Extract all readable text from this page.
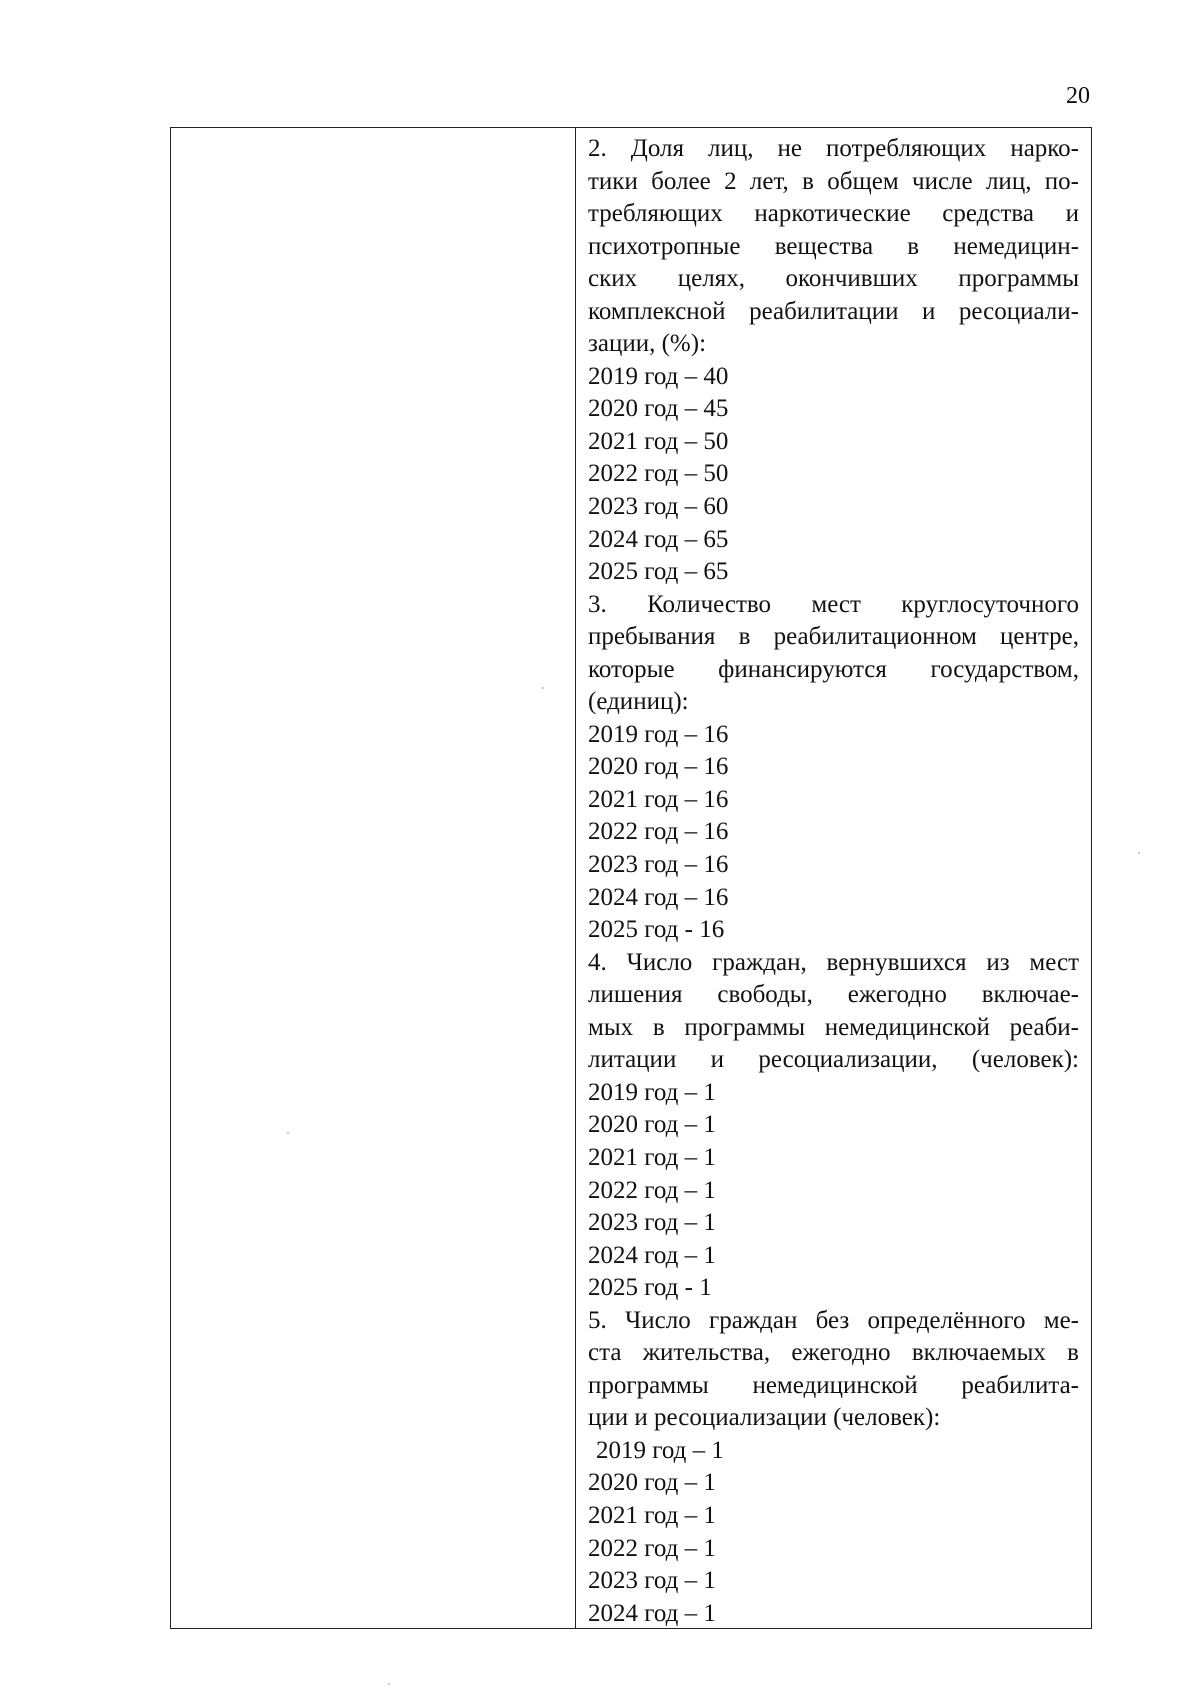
20
2. Доля лиц, не потребляющих нарко-
тики более 2 лет, в общем числе лиц, по-
требляющих наркотические средства и
психотропные вещества в немедицин-
ских целях, окончивших программы
комплексной реабилитации и ресоциали-
зации, (%):
2019 год – 40
2020 год – 45
2021 год – 50
2022 год – 50
2023 год – 60
2024 год – 65
2025 год – 65
3. Количество мест круглосуточного
пребывания в реабилитационном центре,
которые финансируются государством,
(единиц):
2019 год – 16
2020 год – 16
2021 год – 16
2022 год – 16
2023 год – 16
2024 год – 16
2025 год - 16
4. Число граждан, вернувшихся из мест
лишения свободы, ежегодно включае-
мых в программы немедицинской реаби-
литации и ресоциализации, (человек):
2019 год – 1
2020 год – 1
2021 год – 1
2022 год – 1
2023 год – 1
2024 год – 1
2025 год - 1
5. Число граждан без определённого ме-
ста жительства, ежегодно включаемых в
программы немедицинской реабилита-
ции и ресоциализации (человек):
2019 год – 1
2020 год – 1
2021 год – 1
2022 год – 1
2023 год – 1
2024 год – 1
